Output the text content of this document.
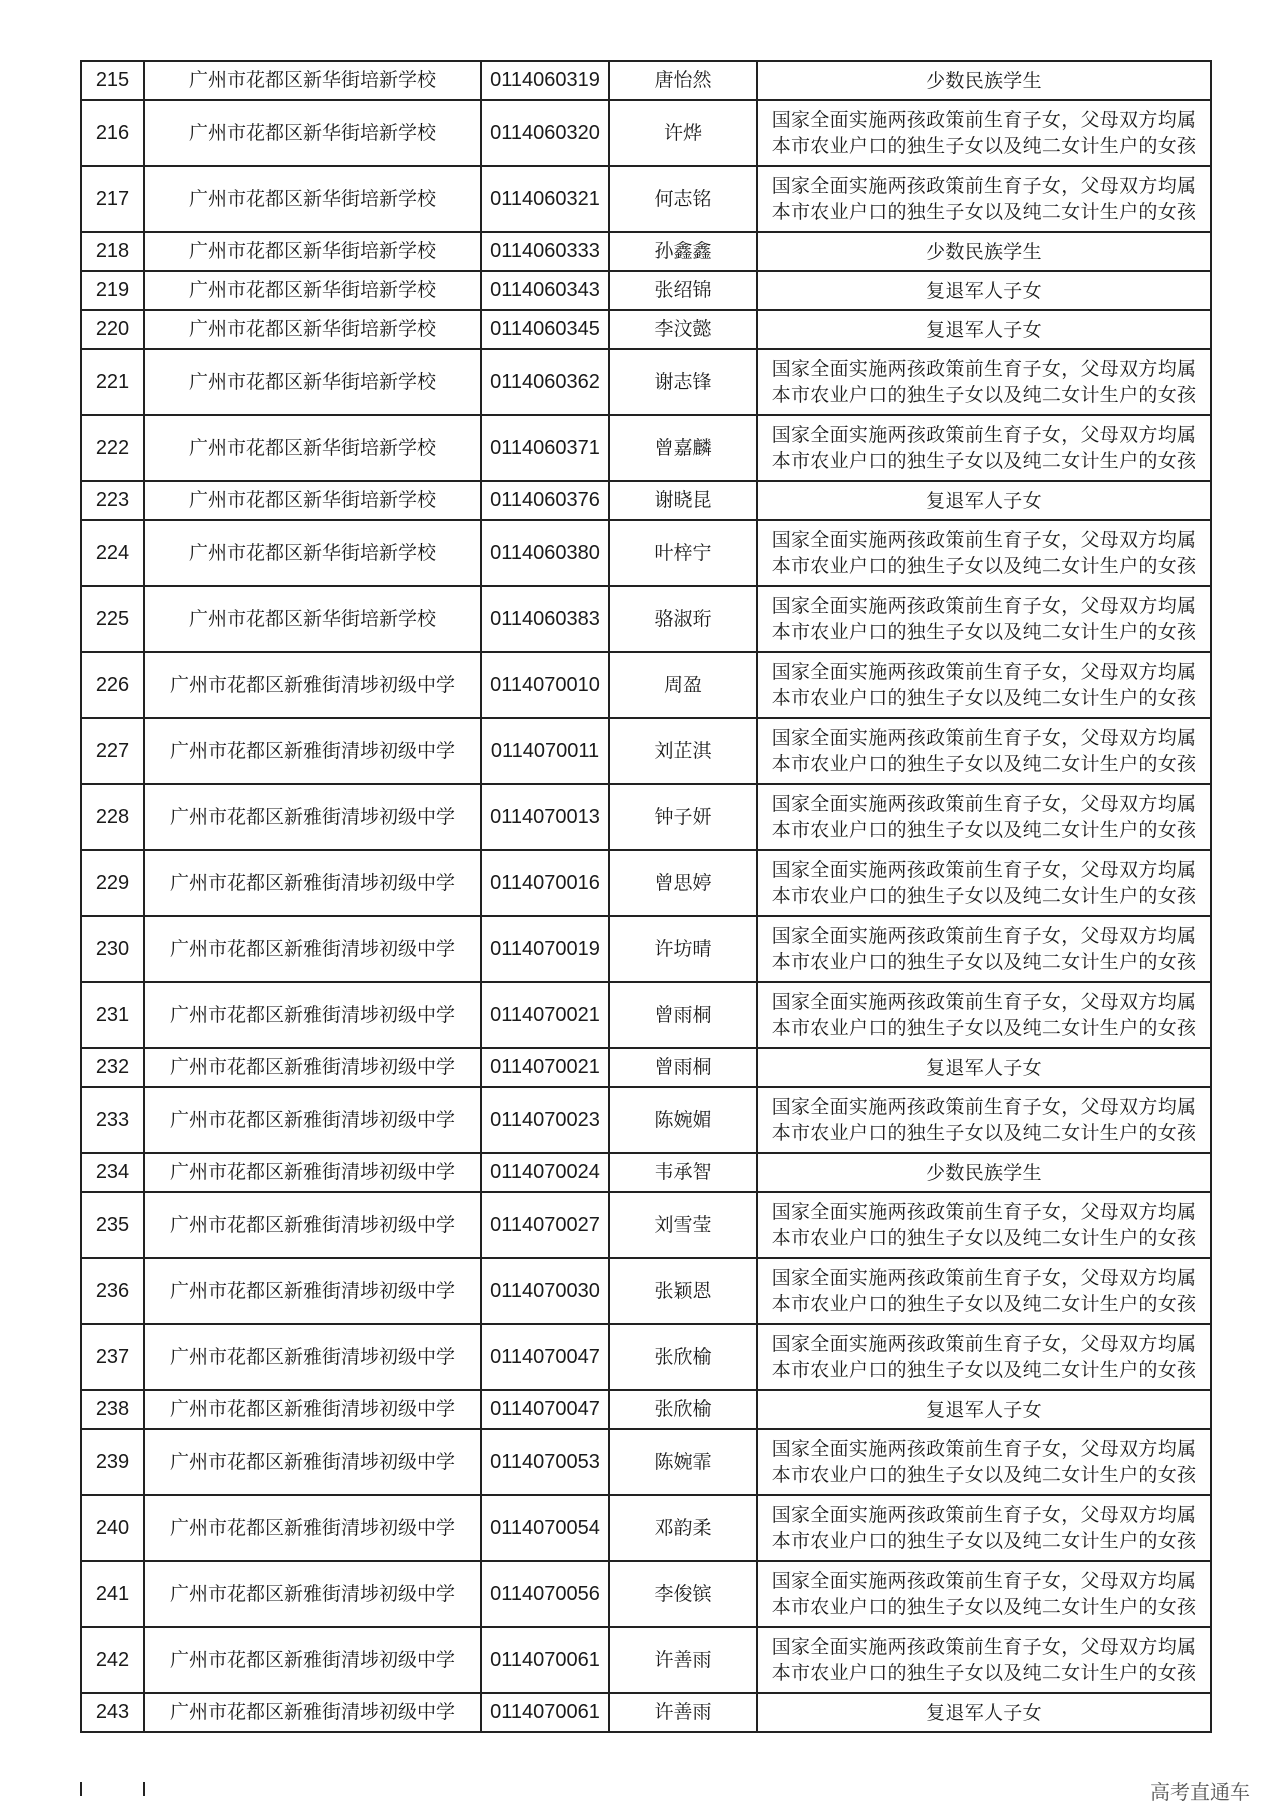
215	广州市花都区新华街培新学校	0114060319	唐怡然	少数民族学生
216	广州市花都区新华街培新学校	0114060320	许烨	国家全面实施两孩政策前生育子女，父母双方均属
本市农业户口的独生子女以及纯二女计生户的女孩

217	广州市花都区新华街培新学校	0114060321	何志铭	国家全面实施两孩政策前生育子女，父母双方均属
本市农业户口的独生子女以及纯二女计生户的女孩

218	广州市花都区新华街培新学校	0114060333	孙鑫鑫	少数民族学生
219	广州市花都区新华街培新学校	0114060343	张绍锦	复退军人子女
220	广州市花都区新华街培新学校	0114060345	李汶懿	复退军人子女
221	广州市花都区新华街培新学校	0114060362	谢志锋	国家全面实施两孩政策前生育子女，父母双方均属
本市农业户口的独生子女以及纯二女计生户的女孩

222	广州市花都区新华街培新学校	0114060371	曾嘉麟	国家全面实施两孩政策前生育子女，父母双方均属
本市农业户口的独生子女以及纯二女计生户的女孩

223	广州市花都区新华街培新学校	0114060376	谢晓昆	复退军人子女
224	广州市花都区新华街培新学校	0114060380	叶梓宁	国家全面实施两孩政策前生育子女，父母双方均属
本市农业户口的独生子女以及纯二女计生户的女孩

225	广州市花都区新华街培新学校	0114060383	骆淑珩	国家全面实施两孩政策前生育子女，父母双方均属
本市农业户口的独生子女以及纯二女计生户的女孩

226	广州市花都区新雅街清埗初级中学	0114070010	周盈	国家全面实施两孩政策前生育子女，父母双方均属
本市农业户口的独生子女以及纯二女计生户的女孩

227	广州市花都区新雅街清埗初级中学	0114070011	刘芷淇	国家全面实施两孩政策前生育子女，父母双方均属
本市农业户口的独生子女以及纯二女计生户的女孩

228	广州市花都区新雅街清埗初级中学	0114070013	钟子妍	国家全面实施两孩政策前生育子女，父母双方均属
本市农业户口的独生子女以及纯二女计生户的女孩

229	广州市花都区新雅街清埗初级中学	0114070016	曾思婷	国家全面实施两孩政策前生育子女，父母双方均属
本市农业户口的独生子女以及纯二女计生户的女孩

230	广州市花都区新雅街清埗初级中学	0114070019	许坊晴	国家全面实施两孩政策前生育子女，父母双方均属
本市农业户口的独生子女以及纯二女计生户的女孩

231	广州市花都区新雅街清埗初级中学	0114070021	曾雨桐	国家全面实施两孩政策前生育子女，父母双方均属
本市农业户口的独生子女以及纯二女计生户的女孩

232	广州市花都区新雅街清埗初级中学	0114070021	曾雨桐	复退军人子女
233	广州市花都区新雅街清埗初级中学	0114070023	陈婉媚	国家全面实施两孩政策前生育子女，父母双方均属
本市农业户口的独生子女以及纯二女计生户的女孩

234	广州市花都区新雅街清埗初级中学	0114070024	韦承智	少数民族学生
235	广州市花都区新雅街清埗初级中学	0114070027	刘雪莹	国家全面实施两孩政策前生育子女，父母双方均属
本市农业户口的独生子女以及纯二女计生户的女孩

236	广州市花都区新雅街清埗初级中学	0114070030	张颖恩	国家全面实施两孩政策前生育子女，父母双方均属
本市农业户口的独生子女以及纯二女计生户的女孩

237	广州市花都区新雅街清埗初级中学	0114070047	张欣榆	国家全面实施两孩政策前生育子女，父母双方均属
本市农业户口的独生子女以及纯二女计生户的女孩

238	广州市花都区新雅街清埗初级中学	0114070047	张欣榆	复退军人子女
239	广州市花都区新雅街清埗初级中学	0114070053	陈婉霏	国家全面实施两孩政策前生育子女，父母双方均属
本市农业户口的独生子女以及纯二女计生户的女孩

240	广州市花都区新雅街清埗初级中学	0114070054	邓韵柔	国家全面实施两孩政策前生育子女，父母双方均属
本市农业户口的独生子女以及纯二女计生户的女孩

241	广州市花都区新雅街清埗初级中学	0114070056	李俊镔	国家全面实施两孩政策前生育子女，父母双方均属
本市农业户口的独生子女以及纯二女计生户的女孩

242	广州市花都区新雅街清埗初级中学	0114070061	许善雨	国家全面实施两孩政策前生育子女，父母双方均属
本市农业户口的独生子女以及纯二女计生户的女孩

243	广州市花都区新雅街清埗初级中学	0114070061	许善雨	复退军人子女
高考直通车
